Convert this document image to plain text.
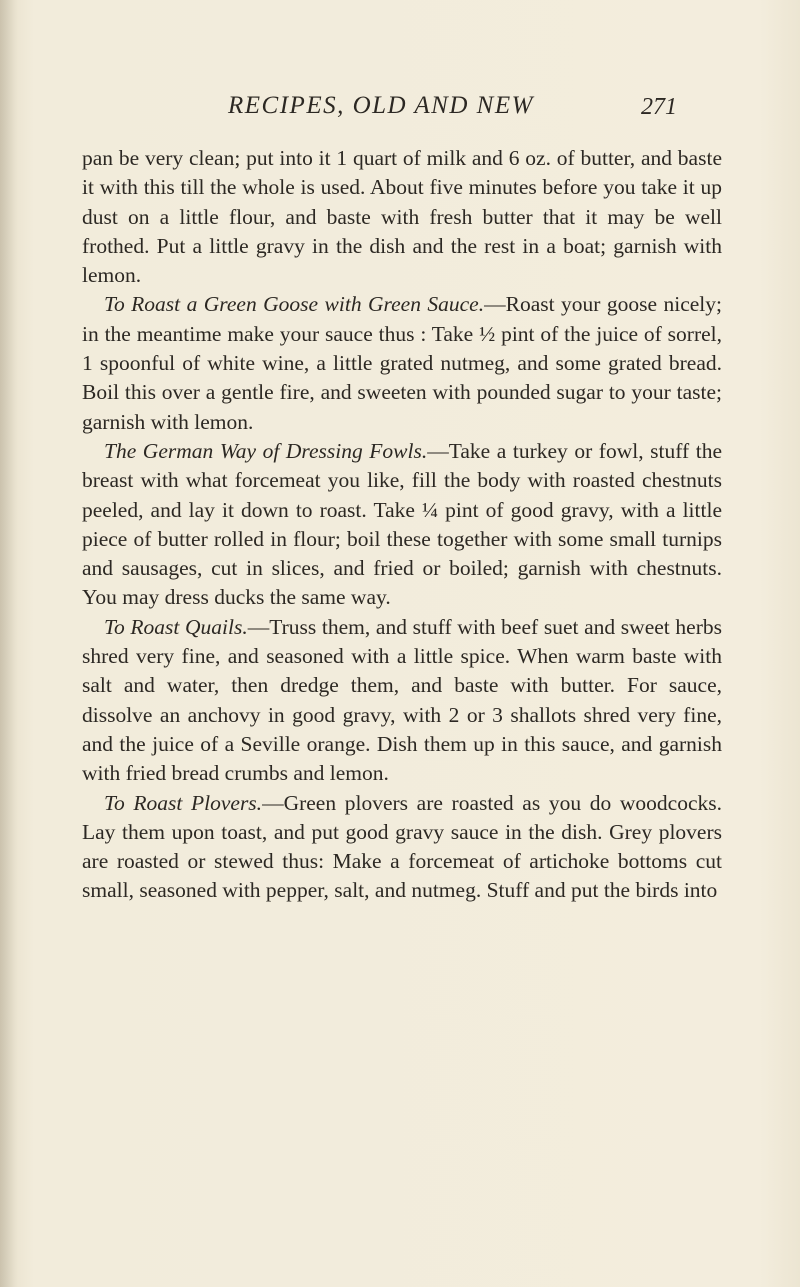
RECIPES, OLD AND NEW	271

pan be very clean; put into it 1 quart of milk and 6 oz. of butter, and baste it with this till the whole is used. About five minutes before you take it up dust on a little flour, and baste with fresh butter that it may be well frothed. Put a little gravy in the dish and the rest in a boat; garnish with lemon.

To Roast a Green Goose with Green Sauce.—Roast your goose nicely; in the meantime make your sauce thus : Take ½ pint of the juice of sorrel, 1 spoonful of white wine, a little grated nutmeg, and some grated bread. Boil this over a gentle fire, and sweeten with pounded sugar to your taste; garnish with lemon.

The German Way of Dressing Fowls.—Take a turkey or fowl, stuff the breast with what forcemeat you like, fill the body with roasted chestnuts peeled, and lay it down to roast. Take ¼ pint of good gravy, with a little piece of butter rolled in flour; boil these together with some small turnips and sausages, cut in slices, and fried or boiled; garnish with chestnuts. You may dress ducks the same way.

To Roast Quails.—Truss them, and stuff with beef suet and sweet herbs shred very fine, and seasoned with a little spice. When warm baste with salt and water, then dredge them, and baste with butter. For sauce, dissolve an anchovy in good gravy, with 2 or 3 shallots shred very fine, and the juice of a Seville orange. Dish them up in this sauce, and garnish with fried bread crumbs and lemon.

To Roast Plovers.—Green plovers are roasted as you do woodcocks. Lay them upon toast, and put good gravy sauce in the dish. Grey plovers are roasted or stewed thus: Make a forcemeat of artichoke bottoms cut small, seasoned with pepper, salt, and nutmeg. Stuff and put the birds into
